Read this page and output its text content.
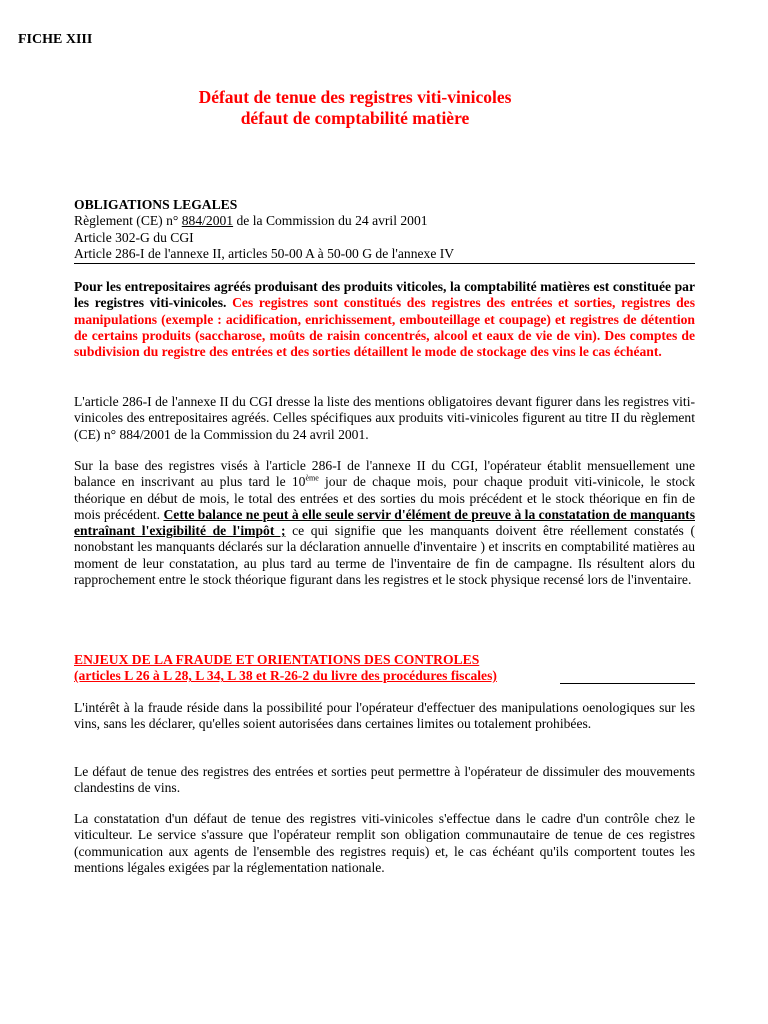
FICHE XIII
Défaut de tenue des registres viti-vinicoles
défaut de comptabilité matière
OBLIGATIONS LEGALES
Règlement (CE) n° 884/2001 de la Commission du 24 avril 2001
Article 302-G du CGI
Article 286-I de l'annexe II, articles 50-00 A à 50-00 G de l'annexe IV
Pour les entrepositaires agréés produisant des produits viticoles, la comptabilité matières est constituée par les registres viti-vinicoles. Ces registres sont constitués des registres des entrées et sorties, registres des manipulations (exemple : acidification, enrichissement, embouteillage et coupage) et registres de détention de certains produits (saccharose, moûts de raisin concentrés, alcool et eaux de vie de vin). Des comptes de subdivision du registre des entrées et des sorties détaillent le mode de stockage des vins le cas échéant.
L'article 286-I de l'annexe II du CGI dresse la liste des mentions obligatoires devant figurer dans les registres viti-vinicoles des entrepositaires agréés. Celles spécifiques aux produits viti-vinicoles figurent au titre II du règlement (CE) n° 884/2001 de la Commission du 24 avril 2001.
Sur la base des registres visés à l'article 286-I de l'annexe II du CGI, l'opérateur établit mensuellement une balance en inscrivant au plus tard le 10ème jour de chaque mois, pour chaque produit viti-vinicole, le stock théorique en début de mois, le total des entrées et des sorties du mois précédent et le stock théorique en fin de mois précédent. Cette balance ne peut à elle seule servir d'élément de preuve à la constatation de manquants entraînant l'exigibilité de l'impôt ; ce qui signifie que les manquants doivent être réellement constatés ( nonobstant les manquants déclarés sur la déclaration annuelle d'inventaire ) et inscrits en comptabilité matières au moment de leur constatation, au plus tard au terme de l'inventaire de fin de campagne. Ils résultent alors du rapprochement entre le stock théorique figurant dans les registres et le stock physique recensé lors de l'inventaire.
ENJEUX DE LA FRAUDE ET ORIENTATIONS DES CONTROLES
(articles L 26 à L 28, L 34, L 38 et R-26-2 du livre des procédures fiscales)
L'intérêt à la fraude réside dans la possibilité pour l'opérateur d'effectuer des manipulations oenologiques sur les vins, sans les déclarer, qu'elles soient autorisées dans certaines limites ou totalement prohibées.
Le défaut de tenue des registres des entrées et sorties peut permettre à l'opérateur de dissimuler des mouvements clandestins de vins.
La constatation d'un défaut de tenue des registres viti-vinicoles s'effectue dans le cadre d'un contrôle chez le viticulteur. Le service s'assure que l'opérateur remplit son obligation communautaire de tenue de ces registres (communication aux agents de l'ensemble des registres requis) et, le cas échéant qu'ils comportent toutes les mentions légales exigées par la réglementation nationale.
